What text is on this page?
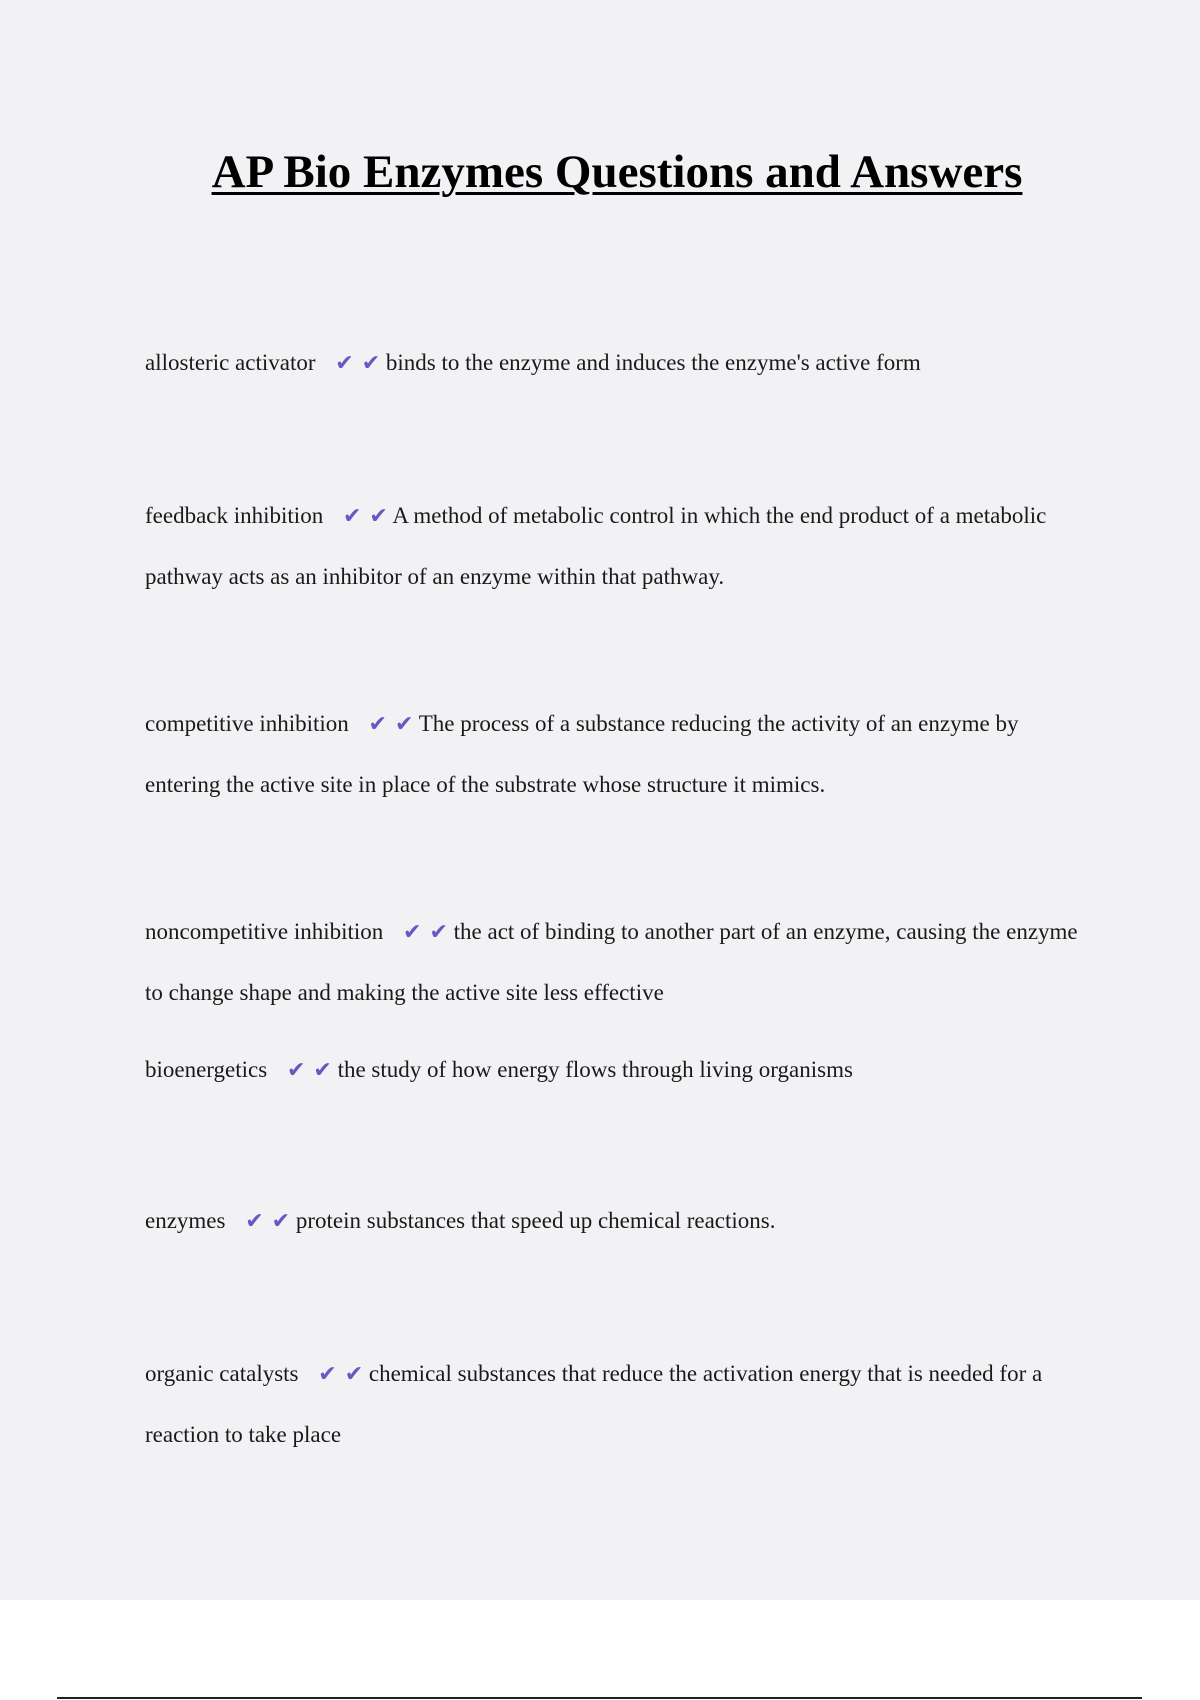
AP Bio Enzymes Questions and Answers

allosteric activator ✔ ✔ binds to the enzyme and induces the enzyme's active form

feedback inhibition ✔ ✔ A method of metabolic control in which the end product of a metabolic pathway acts as an inhibitor of an enzyme within that pathway.

competitive inhibition ✔ ✔ The process of a substance reducing the activity of an enzyme by entering the active site in place of the substrate whose structure it mimics.

noncompetitive inhibition ✔ ✔ the act of binding to another part of an enzyme, causing the enzyme to change shape and making the active site less effective

bioenergetics ✔ ✔ the study of how energy flows through living organisms

enzymes ✔ ✔ protein substances that speed up chemical reactions.

organic catalysts ✔ ✔ chemical substances that reduce the activation energy that is needed for a reaction to take place
